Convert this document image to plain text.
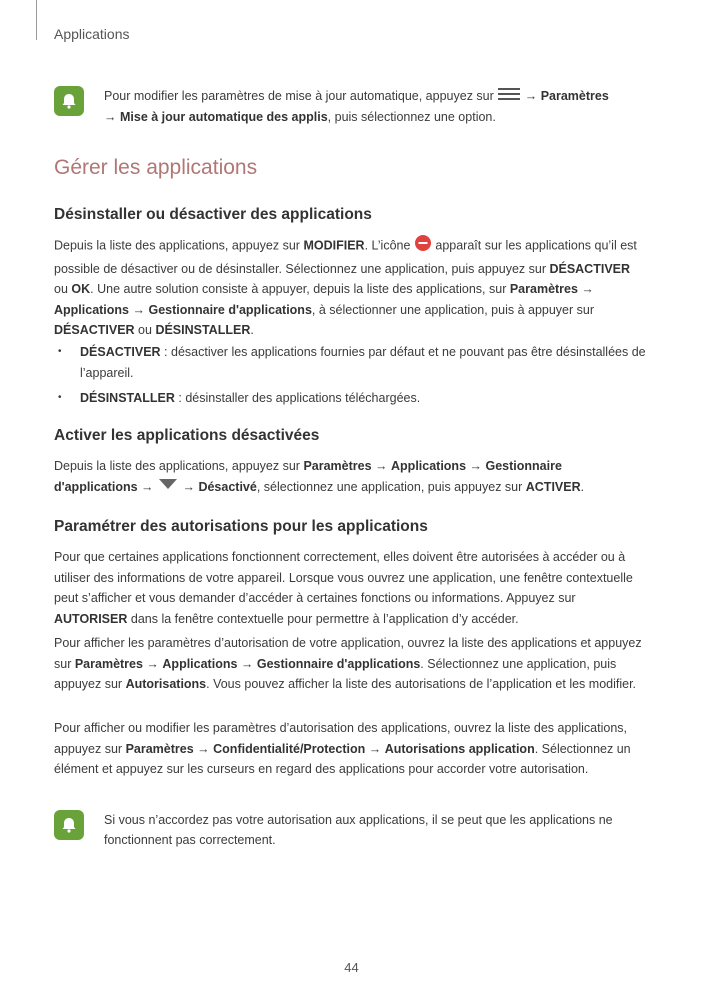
Applications
Pour modifier les paramètres de mise à jour automatique, appuyez sur  → Paramètres
→ Mise à jour automatique des applis, puis sélectionnez une option.
Gérer les applications
Désinstaller ou désactiver des applications
Depuis la liste des applications, appuyez sur MODIFIER. L’icône  apparaît sur les applications qu’il est possible de désactiver ou de désinstaller. Sélectionnez une application, puis appuyez sur DÉSACTIVER ou OK. Une autre solution consiste à appuyer, depuis la liste des applications, sur Paramètres → Applications → Gestionnaire d'applications, à sélectionner une application, puis à appuyer sur DÉSACTIVER ou DÉSINSTALLER.
• DÉSACTIVER : désactiver les applications fournies par défaut et ne pouvant pas être désinstallées de l’appareil.
• DÉSINSTALLER : désinstaller des applications téléchargées.
Activer les applications désactivées
Depuis la liste des applications, appuyez sur Paramètres → Applications → Gestionnaire d'applications →  → Désactivé, sélectionnez une application, puis appuyez sur ACTIVER.
Paramétrer des autorisations pour les applications
Pour que certaines applications fonctionnent correctement, elles doivent être autorisées à accéder ou à utiliser des informations de votre appareil. Lorsque vous ouvrez une application, une fenêtre contextuelle peut s’afficher et vous demander d’accéder à certaines fonctions ou informations. Appuyez sur AUTORISER dans la fenêtre contextuelle pour permettre à l’application d’y accéder.
Pour afficher les paramètres d’autorisation de votre application, ouvrez la liste des applications et appuyez sur Paramètres → Applications → Gestionnaire d'applications. Sélectionnez une application, puis appuyez sur Autorisations. Vous pouvez afficher la liste des autorisations de l’application et les modifier.
Pour afficher ou modifier les paramètres d’autorisation des applications, ouvrez la liste des applications, appuyez sur Paramètres → Confidentialité/Protection → Autorisations application. Sélectionnez un élément et appuyez sur les curseurs en regard des applications pour accorder votre autorisation.
Si vous n’accordez pas votre autorisation aux applications, il se peut que les applications ne fonctionnent pas correctement.
44
